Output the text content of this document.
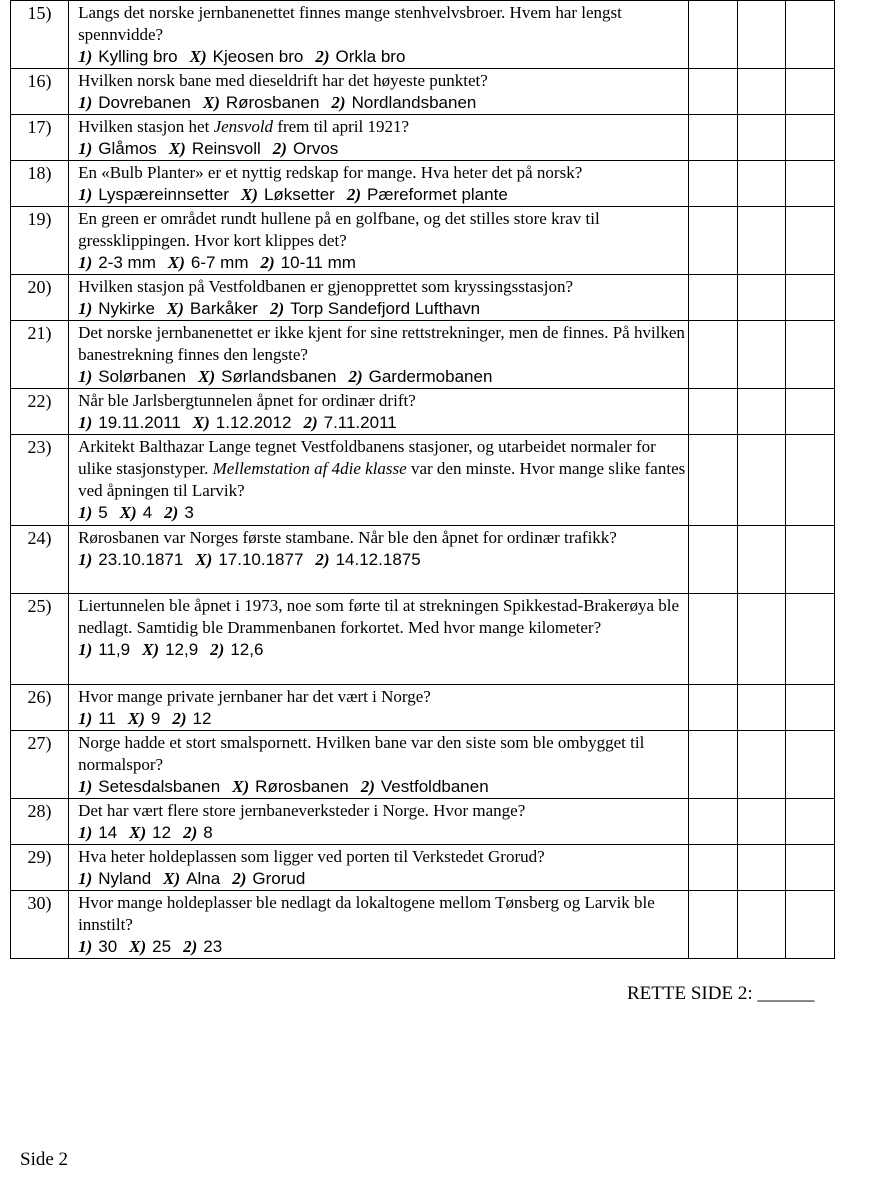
15)	Langs det norske jernbanenettet finnes mange stenhvelvsbroer. Hvem har lengst spennvidde?
1) Kylling bro X) Kjeosen bro 2) Orkla bro			

16)	Hvilken norsk bane med dieseldrift har det høyeste punktet?
1) Dovrebanen X) Rørosbanen 2) Nordlandsbanen			

17)	Hvilken stasjon het Jensvold frem til april 1921?
1) Glåmos X) Reinsvoll 2) Orvos			

18)	En «Bulb Planter» er et nyttig redskap for mange. Hva heter det på norsk?
1) Lyspæreinnsetter X) Løksetter 2) Pæreformet plante			

19)	En green er området rundt hullene på en golfbane, og det stilles store krav til gressklippingen. Hvor kort klippes det?
1) 2-3 mm X) 6-7 mm 2) 10-11 mm			

20)	Hvilken stasjon på Vestfoldbanen er gjenopprettet som kryssingsstasjon?
1) Nykirke X) Barkåker 2) Torp Sandefjord Lufthavn			

21)	Det norske jernbanenettet er ikke kjent for sine rettstrekninger, men de finnes. På hvilken banestrekning finnes den lengste?
1) Solørbanen X) Sørlandsbanen 2) Gardermobanen			

22)	Når ble Jarlsbergtunnelen åpnet for ordinær drift?
1) 19.11.2011 X) 1.12.2012 2) 7.11.2011			

23)	Arkitekt Balthazar Lange tegnet Vestfoldbanens stasjoner, og utarbeidet normaler for ulike stasjonstyper. Mellemstation af 4die klasse var den minste. Hvor mange slike fantes ved åpningen til Larvik?
1) 5 X) 4 2) 3			

24)	Rørosbanen var Norges første stambane. Når ble den åpnet for ordinær trafikk?
1) 23.10.1871 X) 17.10.1877 2) 14.12.1875			

25)	Liertunnelen ble åpnet i 1973, noe som førte til at strekningen Spikkestad-Brakerøya ble nedlagt. Samtidig ble Drammenbanen forkortet. Med hvor mange kilometer?
1) 11,9 X) 12,9 2) 12,6			

26)	Hvor mange private jernbaner har det vært i Norge?
1) 11 X) 9 2) 12			

27)	Norge hadde et stort smalspornett. Hvilken bane var den siste som ble ombygget til normalspor?
1) Setesdalsbanen X) Rørosbanen 2) Vestfoldbanen			

28)	Det har vært flere store jernbaneverksteder i Norge. Hvor mange?
1) 14 X) 12 2) 8			

29)	Hva heter holdeplassen som ligger ved porten til Verkstedet Grorud?
1) Nyland X) Alna 2) Grorud			

30)	Hvor mange holdeplasser ble nedlagt da lokaltogene mellom Tønsberg og Larvik ble innstilt?
1) 30 X) 25 2) 23			

RETTE SIDE 2: ______
Side 2
